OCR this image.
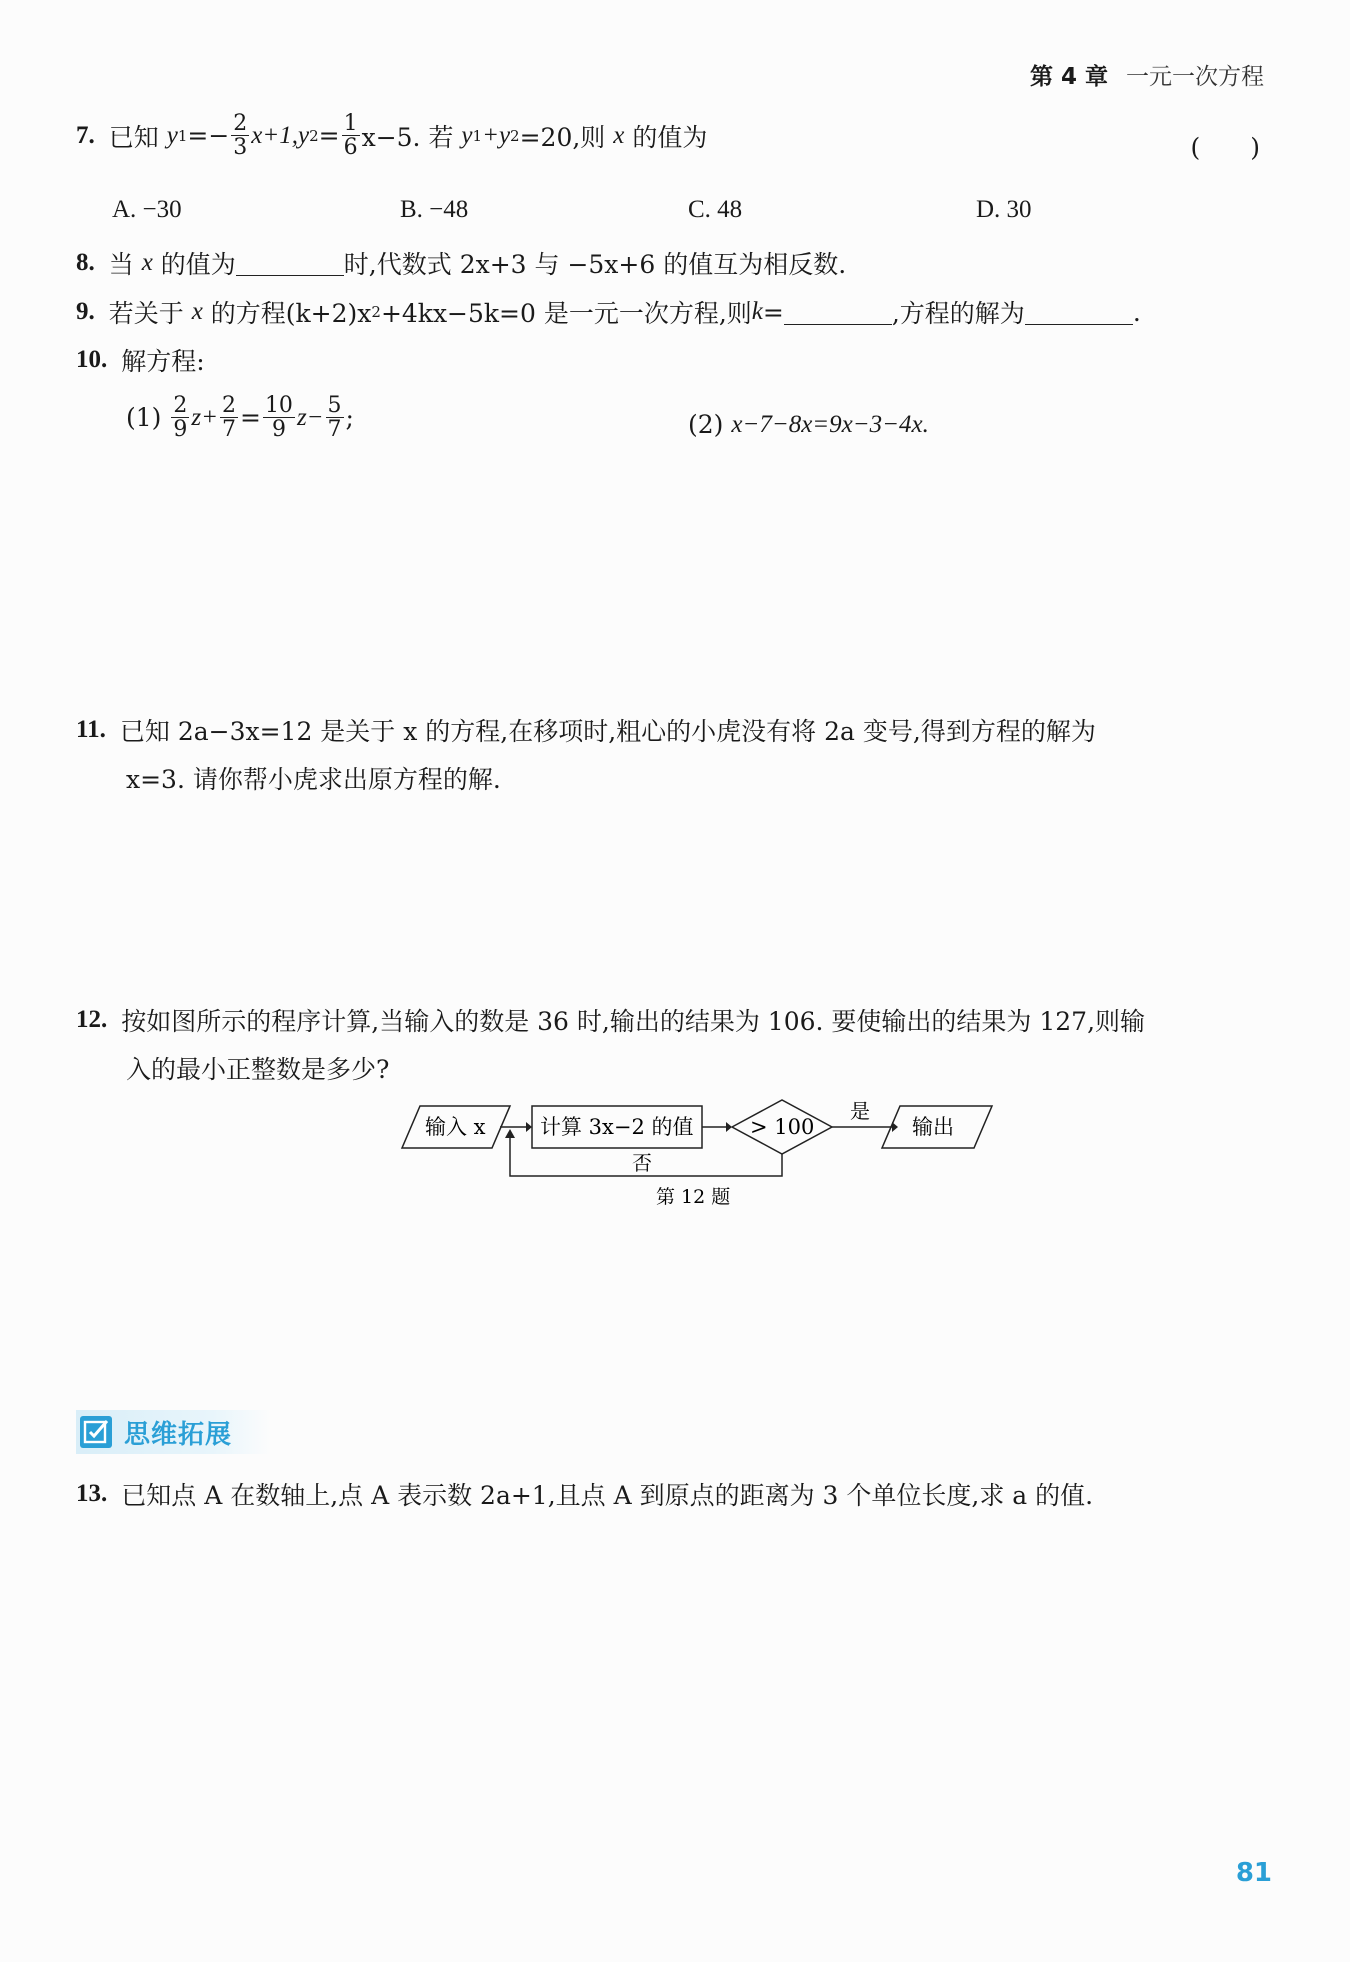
第 4 章 一元一次方程
7. 已知
y $1 =- \frac{2}{3} x+1$, y $2 = \frac{1}{6} x-5$. 若
y 1 +y 2 =20,则
x
的值为	(　　)
A. −30	B. −48	C. 48	D. 30
8. 当
x
的值为	时,代数式 2x+3 与 −5x+6 的值互为相反数.
9. 若关于
x
的方程(k+2)x 2 +4kx−5k=0 是一元一次方程,则 k =	,方程的解为	.
10. 解方程:
(1)
$\frac{2}{9} z+ \frac{2}{7} = \frac{10}{9} z- \frac{5}{7}$ ;	(2)
x−7−8x=9x−3−4x.
11. 已知 2a−3x=12 是关于 x 的方程,在移项时,粗心的小虎没有将 2a 变号,得到方程的解为
x=3. 请你帮小虎求出原方程的解.
12. 按如图所示的程序计算,当输入的数是 36 时,输出的结果为 106. 要使输出的结果为 127,则输
入的最小正整数是多少?
输入 x	计算 3x−2 的值	> 100
是
输出
否
第 12 题
思维拓展
13. 已知点 A 在数轴上,点 A 表示数 2a+1,且点 A 到原点的距离为 3 个单位长度,求 a 的值.
81
